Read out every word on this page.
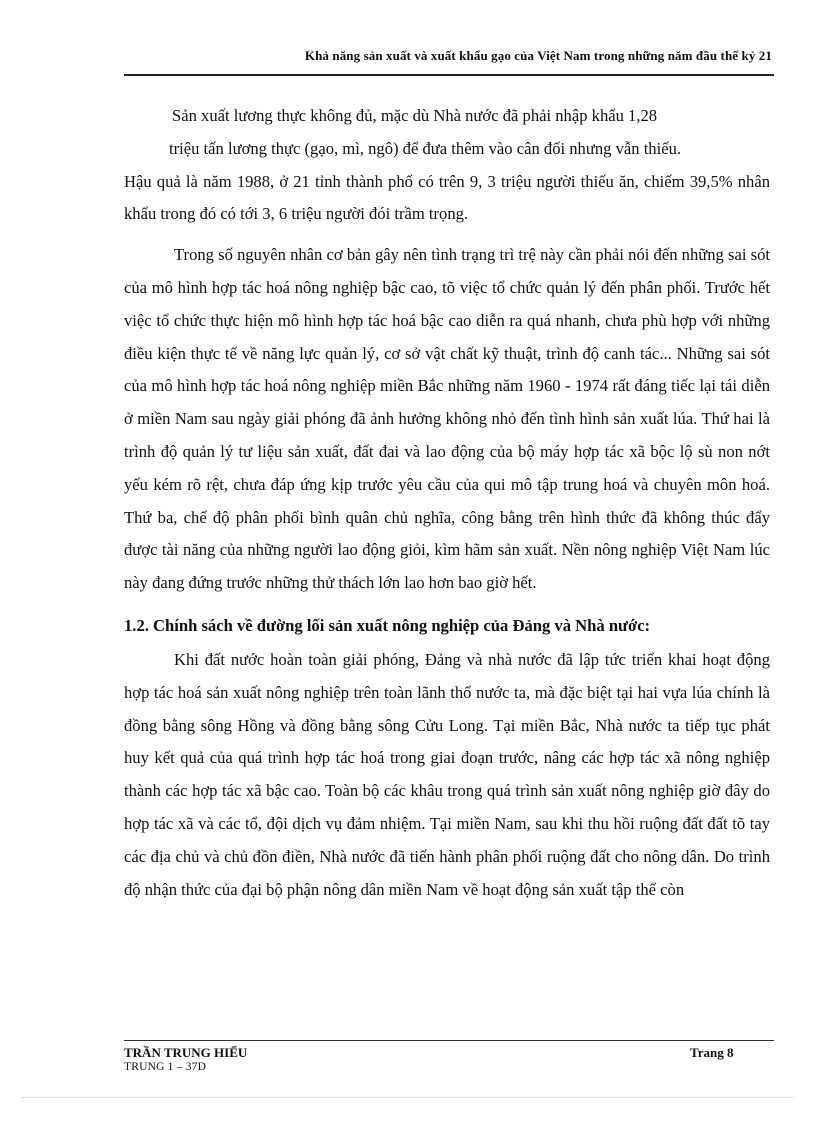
Khả năng sản xuất và xuất khẩu gạo của Việt Nam trong những năm đầu thế kỷ 21
Sản xuất lương thực không đủ, mặc dù Nhà nước đã phải nhập khẩu 1,28
triệu tấn lương thực (gạo, mì, ngô) để đưa thêm vào cân đối nhưng vẫn thiếu.
Hậu quả là năm 1988, ở 21 tỉnh thành phố có trên 9, 3 triệu người thiếu ăn, chiếm 39,5% nhân khẩu trong đó có tới 3, 6 triệu người đói trầm trọng.

Trong số nguyên nhân cơ bản gây nên tình trạng trì trệ này cần phải nói đến những sai sót của mô hình hợp tác hoá nông nghiệp bậc cao, tõ việc tổ chức quản lý đến phân phối. Trước hết việc tổ chức thực hiện mô hình hợp tác hoá bậc cao diễn ra quá nhanh, chưa phù hợp với những điều kiện thực tế về năng lực quản lý, cơ sở vật chất kỹ thuật, trình độ canh tác... Những sai sót của mô hình hợp tác hoá nông nghiệp miền Bắc những năm 1960 - 1974 rất đáng tiếc lại tái diễn ở miền Nam sau ngày giải phóng đã ảnh hưởng không nhỏ đến tình hình sản xuất lúa. Thứ hai là trình độ quản lý tư liệu sản xuất, đất đai và lao động của bộ máy hợp tác xã bộc lộ sù non nớt yếu kém rõ rệt, chưa đáp ứng kịp trước yêu cầu của qui mô tập trung hoá và chuyên môn hoá. Thứ ba, chế độ phân phối bình quân chủ nghĩa, công bằng trên hình thức đã không thúc đẩy được tài năng của những người lao động giỏi, kìm hãm sản xuất. Nền nông nghiệp Việt Nam lúc này đang đứng trước những thử thách lớn lao hơn bao giờ hết.

1.2. Chính sách về đường lối sản xuất nông nghiệp của Đảng và Nhà nước:

Khi đất nước hoàn toàn giải phóng, Đảng và nhà nước đã lập tức triển khai hoạt động hợp tác hoá sản xuất nông nghiệp trên toàn lãnh thổ nước ta, mà đặc biệt tại hai vựa lúa chính là đồng bằng sông Hồng và đồng bằng sông Cửu Long. Tại miền Bắc, Nhà nước ta tiếp tục phát huy kết quả của quá trình hợp tác hoá trong giai đoạn trước, nâng các hợp tác xã nông nghiệp thành các hợp tác xã bậc cao. Toàn bộ các khâu trong quá trình sản xuất nông nghiệp giờ đây do hợp tác xã và các tổ, đội dịch vụ đảm nhiệm. Tại miền Nam, sau khi thu hồi ruộng đất đất tõ tay các địa chủ và chủ đồn điền, Nhà nước đã tiến hành phân phối ruộng đất cho nông dân. Do trình độ nhận thức của đại bộ phận nông dân miền Nam về hoạt động sản xuất tập thể còn

TRẦN TRUNG HIẾU
TRUNG 1 – 37D
Trang 8
